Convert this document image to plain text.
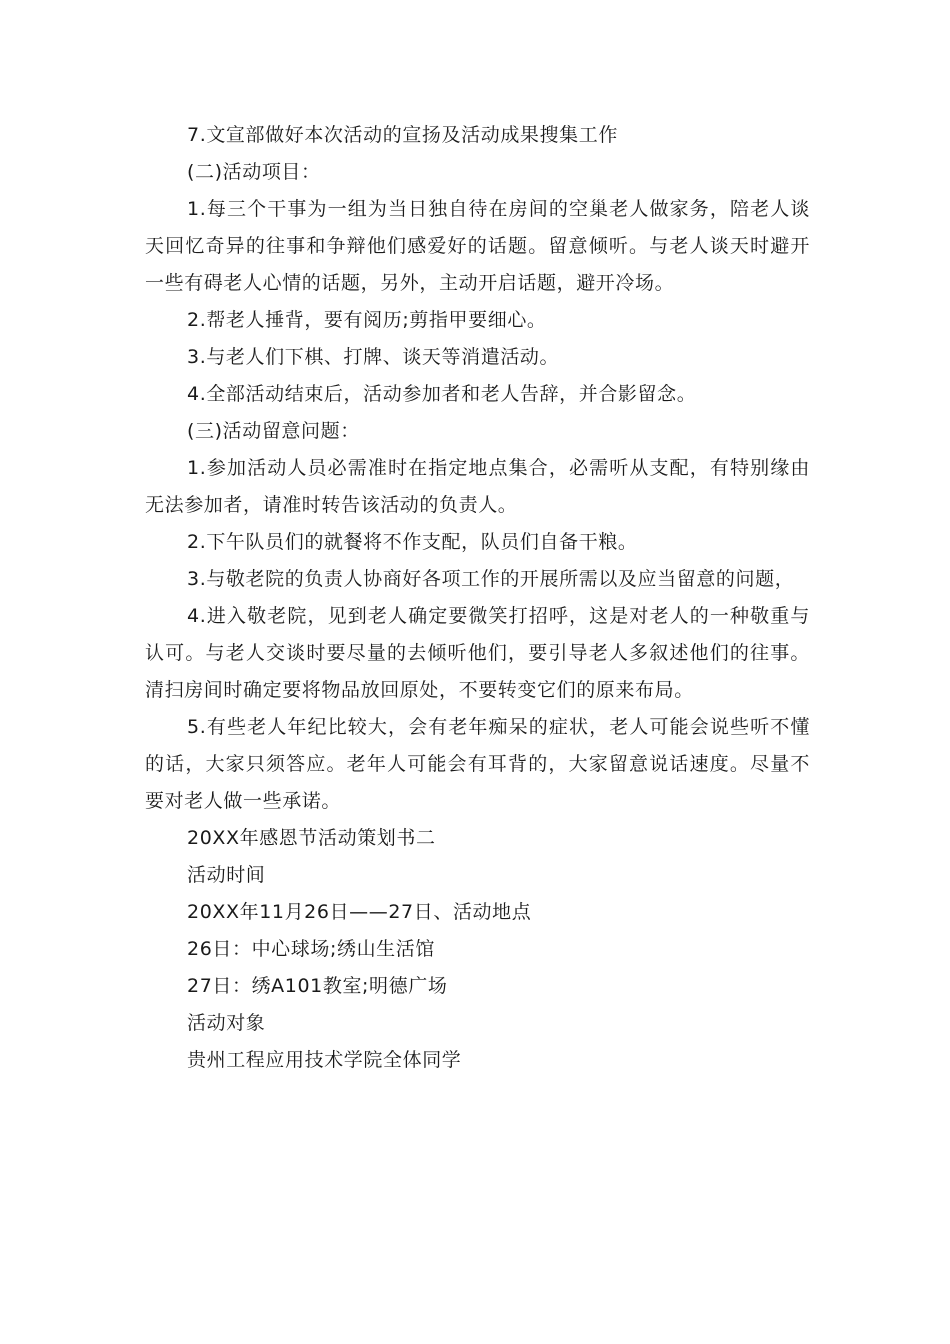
7.文宣部做好本次活动的宣扬及活动成果搜集工作

(二)活动项目：

1.每三个干事为一组为当日独自待在房间的空巢老人做家务，陪老人谈天回忆奇异的往事和争辩他们感爱好的话题。留意倾听。与老人谈天时避开一些有碍老人心情的话题，另外，主动开启话题，避开冷场。

2.帮老人捶背，要有阅历;剪指甲要细心。

3.与老人们下棋、打牌、谈天等消遣活动。

4.全部活动结束后，活动参加者和老人告辞，并合影留念。

(三)活动留意问题：

1.参加活动人员必需准时在指定地点集合，必需听从支配，有特别缘由无法参加者，请准时转告该活动的负责人。

2.下午队员们的就餐将不作支配，队员们自备干粮。

3.与敬老院的负责人协商好各项工作的开展所需以及应当留意的问题，

4.进入敬老院，见到老人确定要微笑打招呼，这是对老人的一种敬重与认可。与老人交谈时要尽量的去倾听他们，要引导老人多叙述他们的往事。 清扫房间时确定要将物品放回原处，不要转变它们的原来布局。

5.有些老人年纪比较大，会有老年痴呆的症状，老人可能会说些听不懂的话，大家只须答应。老年人可能会有耳背的，大家留意说话速度。尽量不要对老人做一些承诺。

20XX年感恩节活动策划书二

活动时间

20XX年11月26日——27日、活动地点

26日：中心球场;绣山生活馆

27日：绣A101教室;明德广场

活动对象

贵州工程应用技术学院全体同学
